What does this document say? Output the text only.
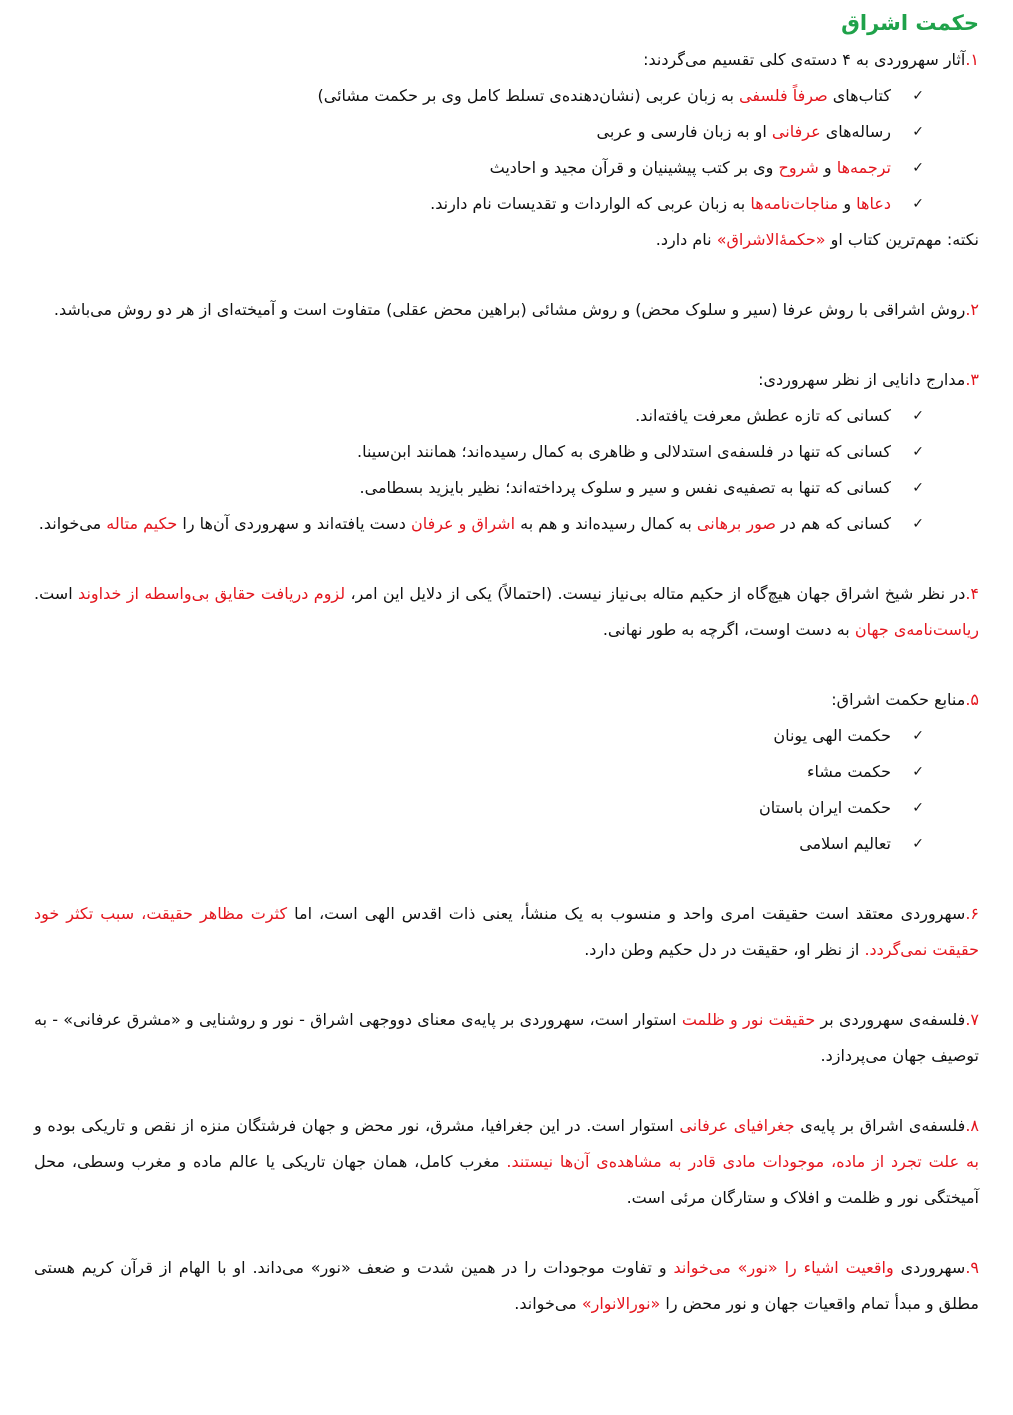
حکمت اشراق
۱.آثار سهروردی به ۴ دسته‌ی کلی تقسیم می‌گردند:
✓
کتاب‌های صرفاً فلسفی به زبان عربی (نشان‌دهنده‌ی تسلط کامل وی بر حکمت مشائی)
✓
رساله‌های عرفانی او به زبان فارسی و عربی
✓
ترجمه‌ها و شروح وی بر کتب پیشینیان و قرآن مجید و احادیث
✓
دعاها و مناجات‌نامه‌ها به زبان عربی که الواردات و تقدیسات نام دارند.
نکته: مهم‌ترین کتاب او «حکمهٔ‌الاشراق» نام دارد.
۲.روش اشراقی با روش عرفا (سیر و سلوک محض) و روش مشائی (براهین محض عقلی) متفاوت است و آمیخته‌ای از هر دو روش می‌باشد.
۳.مدارج دانایی از نظر سهروردی:
✓
کسانی که تازه عطش معرفت یافته‌اند.
✓
کسانی که تنها در فلسفه‌ی استدلالی و ظاهری به کمال رسیده‌اند؛ همانند ابن‌سینا.
✓
کسانی که تنها به تصفیه‌ی نفس و سیر و سلوک پرداخته‌اند؛ نظیر بایزید بسطامی.
✓
کسانی که هم در صور برهانی به کمال رسیده‌اند و هم به اشراق و عرفان دست یافته‌اند و سهروردی آن‌ها را حکیم متاله می‌خواند.
۴.در نظر شیخ اشراق جهان هیچ‌گاه از حکیم متاله بی‌نیاز نیست. (احتمالاً) یکی از دلایل این امر، لزوم دریافت حقایق بی‌واسطه از خداوند است. ریاست‌نامه‌ی جهان به دست اوست، اگرچه به طور نهانی.
۵.منابع حکمت اشراق:
✓
حکمت الهی یونان
✓
حکمت مشاء
✓
حکمت ایران باستان
✓
تعالیم اسلامی
۶.سهروردی معتقد است حقیقت امری واحد و منسوب به یک منشأ، یعنی ذات اقدس الهی است، اما کثرت مظاهر حقیقت، سبب تکثر خود حقیقت نمی‌گردد. از نظر او، حقیقت در دل حکیم وطن دارد.
۷.فلسفه‌ی سهروردی بر حقیقت نور و ظلمت استوار است، سهروردی بر پایه‌ی معنای دووجهی اشراق - نور و روشنایی و «مشرق عرفانی» - به توصیف جهان می‌پردازد.
۸.فلسفه‌ی اشراق بر پایه‌ی جغرافیای عرفانی استوار است. در این جغرافیا، مشرق، نور محض و جهان فرشتگان منزه از نقص و تاریکی بوده و به علت تجرد از ماده، موجودات مادی قادر به مشاهده‌ی آن‌ها نیستند. مغرب کامل، همان جهان تاریکی یا عالم ماده و مغرب وسطی، محل آمیختگی نور و ظلمت و افلاک و ستارگان مرئی است.
۹.سهروردی واقعیت اشیاء را «نور» می‌خواند و تفاوت موجودات را در همین شدت و ضعف «نور» می‌داند. او با الهام از قرآن کریم هستی مطلق و مبدأ تمام واقعیات جهان و نور محض را «نورالانوار» می‌خواند.
